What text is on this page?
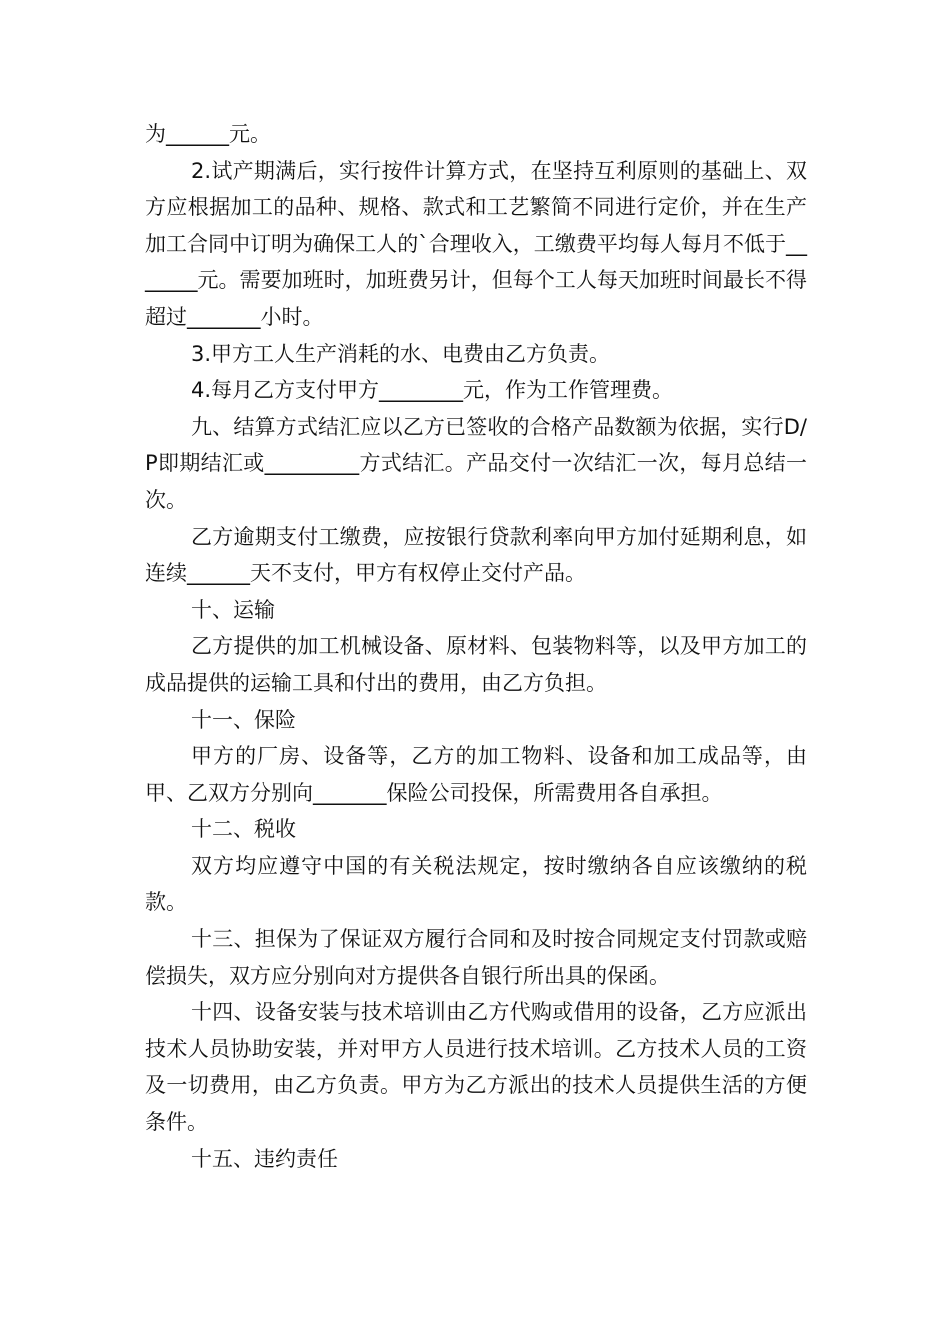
为______元。

2.试产期满后，实行按件计算方式，在坚持互利原则的基础上、双方应根据加工的品种、规格、款式和工艺繁简不同进行定价，并在生产加工合同中订明为确保工人的`合理收入，工缴费平均每人每月不低于_______元。需要加班时，加班费另计，但每个工人每天加班时间最长不得超过_______小时。

3.甲方工人生产消耗的水、电费由乙方负责。

4.每月乙方支付甲方________元，作为工作管理费。

九、结算方式结汇应以乙方已签收的合格产品数额为依据，实行D/P即期结汇或_________方式结汇。产品交付一次结汇一次，每月总结一次。

乙方逾期支付工缴费，应按银行贷款利率向甲方加付延期利息，如连续______天不支付，甲方有权停止交付产品。

十、运输

乙方提供的加工机械设备、原材料、包装物料等，以及甲方加工的成品提供的运输工具和付出的费用，由乙方负担。

十一、保险

甲方的厂房、设备等，乙方的加工物料、设备和加工成品等，由甲、乙双方分别向_______保险公司投保，所需费用各自承担。

十二、税收

双方均应遵守中国的有关税法规定，按时缴纳各自应该缴纳的税款。

十三、担保为了保证双方履行合同和及时按合同规定支付罚款或赔偿损失，双方应分别向对方提供各自银行所出具的保函。

十四、设备安装与技术培训由乙方代购或借用的设备，乙方应派出技术人员协助安装，并对甲方人员进行技术培训。乙方技术人员的工资及一切费用，由乙方负责。甲方为乙方派出的技术人员提供生活的方便条件。

十五、违约责任
